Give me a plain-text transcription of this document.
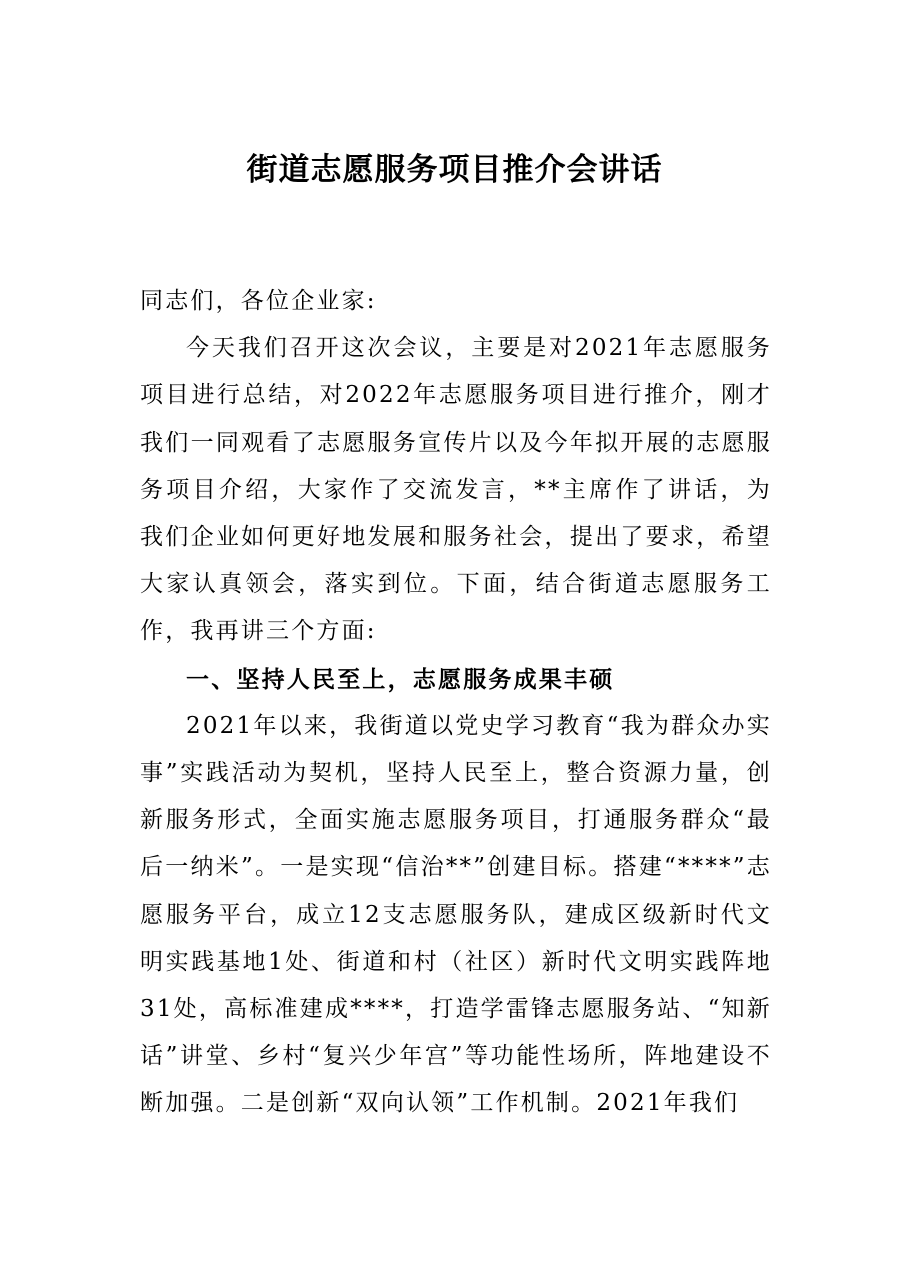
街道志愿服务项目推介会讲话

同志们，各位企业家:

今天我们召开这次会议，主要是对2021年志愿服务项目进行总结，对2022年志愿服务项目进行推介，刚才我们一同观看了志愿服务宣传片以及今年拟开展的志愿服务项目介绍，大家作了交流发言，**主席作了讲话，为我们企业如何更好地发展和服务社会，提出了要求，希望大家认真领会，落实到位。下面，结合街道志愿服务工作，我再讲三个方面:

一、坚持人民至上，志愿服务成果丰硕

2021年以来，我街道以党史学习教育“我为群众办实事”实践活动为契机，坚持人民至上，整合资源力量，创新服务形式，全面实施志愿服务项目，打通服务群众“最后一纳米”。一是实现“信治**”创建目标。搭建“****”志愿服务平台，成立12支志愿服务队，建成区级新时代文明实践基地1处、街道和村（社区）新时代文明实践阵地31处，高标准建成****，打造学雷锋志愿服务站、“知新话”讲堂、乡村“复兴少年宫”等功能性场所，阵地建设不断加强。二是创新“双向认领”工作机制。2021年我们
